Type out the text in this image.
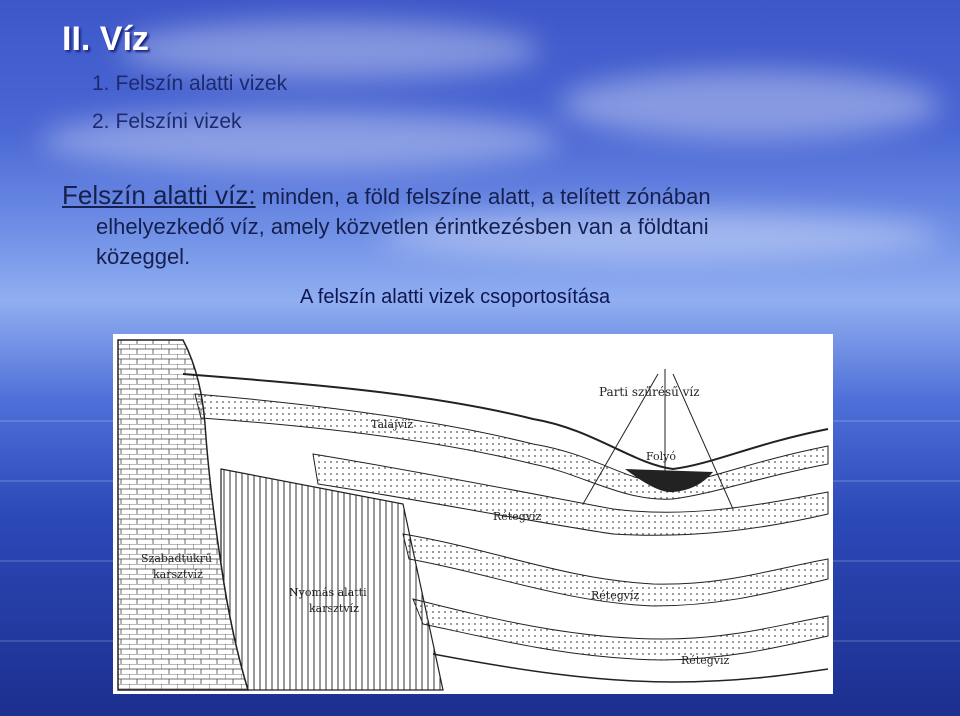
II. Víz
1. Felszín alatti vizek
2. Felszíni vizek
Felszín alatti víz: minden, a föld felszíne alatt, a telített zónában
elhelyezkedő víz, amely közvetlen érintkezésben van a földtani
közeggel.
A felszín alatti vizek csoportosítása
Parti szűrésű víz
Talajvíz
Folyó
Rétegvíz
Rétegvíz
Rétegvíz
Szabadtükrű
karsztvíz
Nyomás alatti
karsztvíz
